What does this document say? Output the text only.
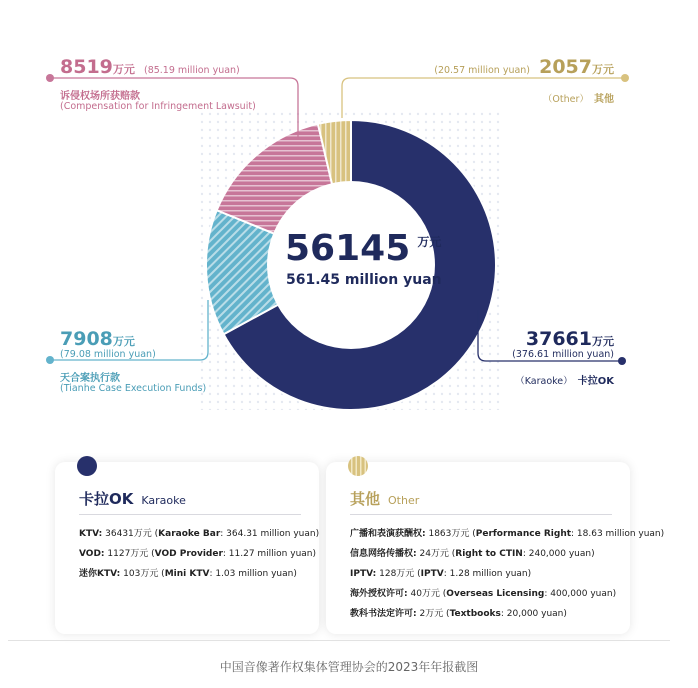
56145 $^{万元}$
561.45 million yuan
8519万元 (85.19 million yuan)
诉侵权场所获赔款
(Compensation for Infringement Lawsuit)
(20.57 million yuan) 2057万元
（Other） 其他
7908万元
(79.08 million yuan)
天合案执行款
(Tianhe Case Execution Funds)
37661万元
(376.61 million yuan)
（Karaoke） 卡拉OK
卡拉OK Karaoke
KTV: 36431万元 (Karaoke Bar: 364.31 million yuan)
VOD: 1127万元 (VOD Provider: 11.27 million yuan)
迷你KTV: 103万元 (Mini KTV: 1.03 million yuan)
其他 Other
广播和表演获酬权: 1863万元 (Performance Right: 18.63 million yuan)
信息网络传播权: 24万元 (Right to CTIN: 240,000 yuan)
IPTV: 128万元 (IPTV: 1.28 million yuan)
海外授权许可: 40万元 (Overseas Licensing: 400,000 yuan)
教科书法定许可: 2万元 (Textbooks: 20,000 yuan)
中国音像著作权集体管理协会的2023年年报截图
